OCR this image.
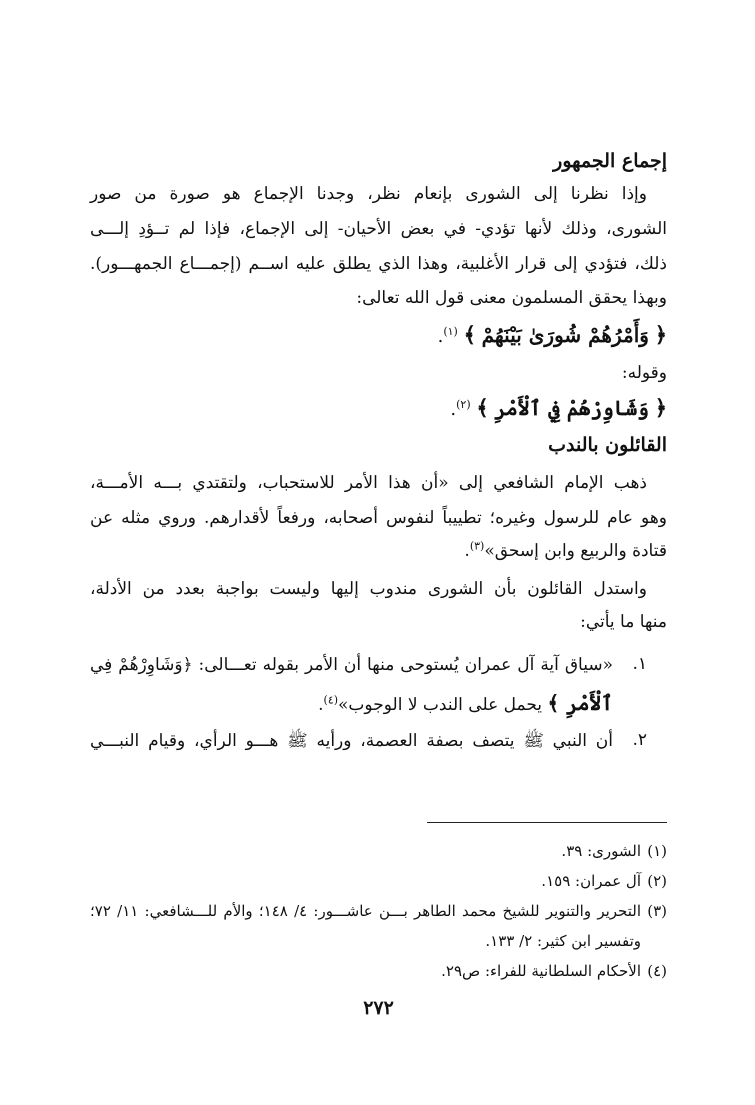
إجماع الجمهور
وإذا نظرنا إلى الشورى بإنعام نظر، وجدنا الإجماع هو صورة من صور
الشورى، وذلك لأنها تؤدي- في بعض الأحيان- إلى الإجماع، فإذا لم تــؤدِ إلـــى
ذلك، فتؤدي إلى قرار الأغلبية، وهذا الذي يطلق عليه اســم (إجمـــاع الجمهـــور).
وبهذا يحقق المسلمون معنى قول الله تعالى:
﴿ وَأَمْرُهُمْ شُورَىٰ بَيْنَهُمْ ﴾ $^{(١)}$.
وقوله:
﴿ وَشَاوِرْهُمْ فِي ٱلْأَمْرِ ﴾ $^{(٢)}$.
القائلون بالندب
ذهب الإمام الشافعي إلى «أن هذا الأمر للاستحباب، ولتقتدي بـــه الأمـــة،
وهو عام للرسول وغيره؛ تطييباً لنفوس أصحابه، ورفعاً لأقدارهم. وروي مثله عن
قتادة والربيع وابن إسحق»$^{(٣)}$.
واستدل القائلون بأن الشورى مندوب إليها وليست بواجبة بعدد من الأدلة،
منها ما يأتي:
١.
«سياق آية آل عمران يُستوحى منها أن الأمر بقوله تعـــالى: ﴿وَشَاوِرْهُمْ فِي
ٱلْأَمْرِ ﴾ يحمل على الندب لا الوجوب»$^{(٤)}$.
٢.
أن النبي ﷺ يتصف بصفة العصمة، ورأيه ﷺ هـــو الرأي، وقيام النبـــي
(١)الشورى: ٣٩.
(٢)آل عمران: ١٥٩.
(٣)التحرير والتنوير للشيخ محمد الطاهر بـــن عاشـــور: ٤/ ١٤٨؛ والأم للـــشافعي: ١١/ ٧٢؛
وتفسير ابن كثير: ٢/ ١٣٣.
(٤)الأحكام السلطانية للفراء: ص٢٩.
٢٧٢
